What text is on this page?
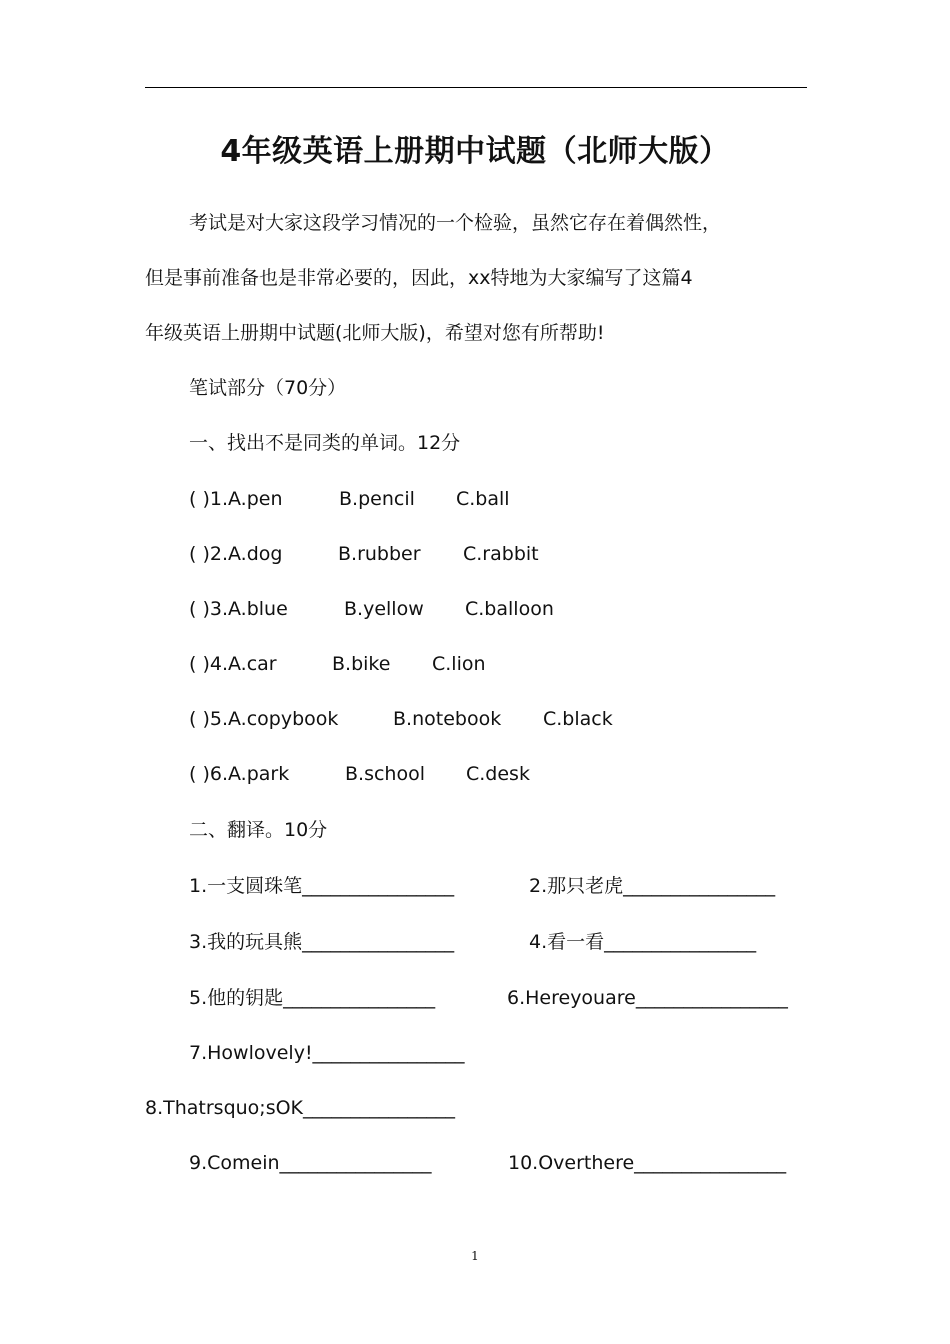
4年级英语上册期中试题（北师大版）
考试是对大家这段学习情况的一个检验，虽然它存在着偶然性，
但是事前准备也是非常必要的，因此，xx特地为大家编写了这篇4
年级英语上册期中试题(北师大版)，希望对您有所帮助!
笔试部分（70分）
一、找出不是同类的单词。12分
( )1.A.pen	B.pencil C.ball
( )2.A.dog	B.rubber C.rabbit
( )3.A.blue	B.yellow C.balloon
( )4.A.car	B.bike C.lion
( )5.A.copybook	B.notebook C.black
( )6.A.park	B.school C.desk
二、翻译。10分
1.一支圆珠笔________________	2.那只老虎________________
3.我的玩具熊________________	4.看一看________________
5.他的钥匙________________	6.Hereyouare________________
7.Howlovely!________________
8.Thatrsquo;sOK________________
9.Comein________________	10.Overthere________________
1
